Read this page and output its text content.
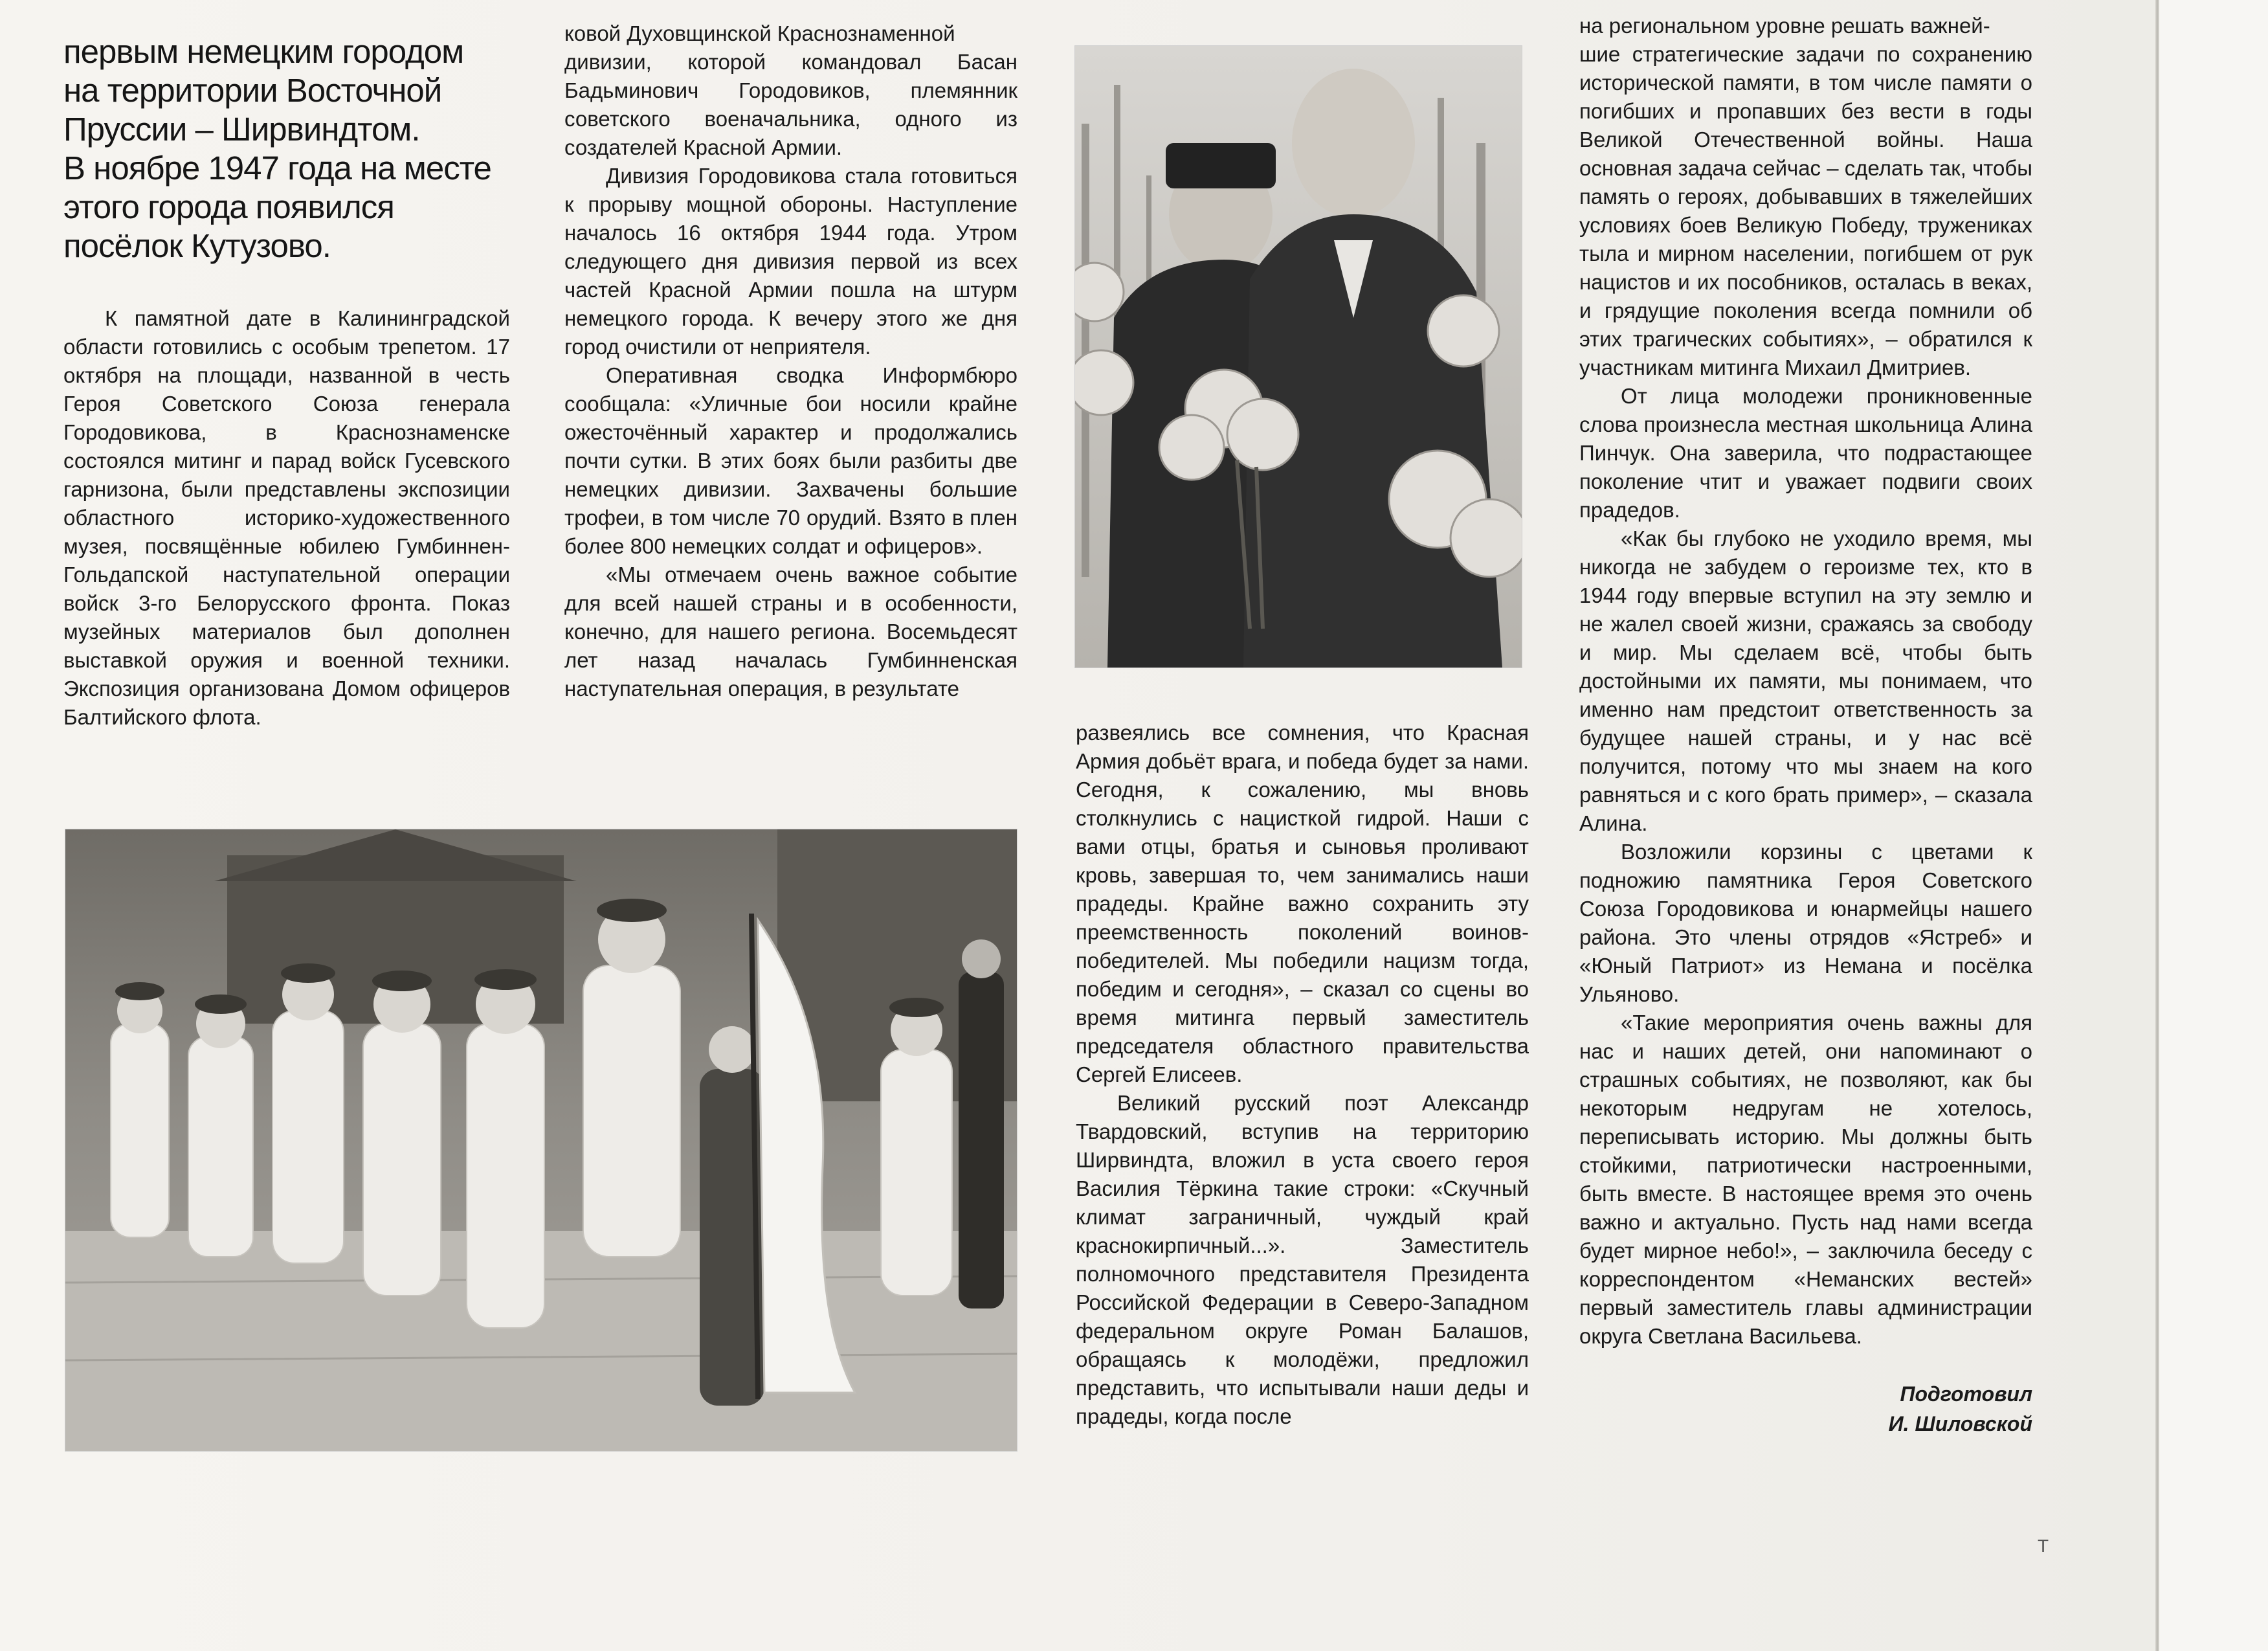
первым немецким городом
на территории Восточной
Пруссии – Ширвиндтом.
В ноябре 1947 года на месте
этого города появился
посёлок Кутузово.

К памятной дате в Калининградской области готовились с особым трепетом. 17 октября на площади, названной в честь Героя Советского Союза генерала Городовикова, в Краснознаменске состоялся митинг и парад войск Гусевского гарнизона, были представлены экспозиции областного историко-художественного музея, посвящённые юбилею Гумбиннен-Гольдапской наступательной операции войск 3-го Белорусского фронта. Показ музейных материалов был дополнен выставкой оружия и военной техники. Экспозиция организована Домом офицеров Балтийского флота.

ковой Духовщинской Краснознаменной

дивизии, которой командовал Басан Бадьминович Городовиков, племянник советского военачальника, одного из создателей Красной Армии.

Дивизия Городовикова стала готовиться к прорыву мощной обороны. Наступление началось 16 октября 1944 года. Утром следующего дня дивизия первой из всех частей Красной Армии пошла на штурм немецкого города. К вечеру этого же дня город очистили от неприятеля.

Оперативная сводка Информбюро сообщала: «Уличные бои носили крайне ожесточённый характер и продолжались почти сутки. В этих боях были разбиты две немецких дивизии. Захвачены большие трофеи, в том числе 70 орудий. Взято в плен более 800 немецких солдат и офицеров».

«Мы отмечаем очень важное событие для всей нашей страны и в особенности, конечно, для нашего региона. Восемьдесят лет назад началась Гумбинненская наступательная операция, в результате

развеялись все сомнения, что Красная Армия добьёт врага, и победа будет за нами. Сегодня, к сожалению, мы вновь столкнулись с нацисткой гидрой. Наши с вами отцы, братья и сыновья проливают кровь, завершая то, чем занимались наши прадеды. Крайне важно сохранить эту преемственность поколений воинов-победителей. Мы победили нацизм тогда, победим и сегодня», – сказал со сцены во время митинга первый заместитель председателя областного правительства Сергей Елисеев.

Великий русский поэт Александр Твардовский, вступив на территорию Ширвиндта, вложил в уста своего героя Василия Тёркина такие строки: «Скучный климат заграничный, чуждый край краснокирпичный...». Заместитель полномочного представителя Президента Российской Федерации в Северо-Западном федеральном округе Роман Балашов, обращаясь к молодёжи, предложил представить, что испытывали наши деды и прадеды, когда после

на региональном уровне решать важней-

шие стратегические задачи по сохранению исторической памяти, в том числе памяти о погибших и пропавших без вести в годы Великой Отечественной войны. Наша основная задача сейчас – сделать так, чтобы память о героях, добывавших в тяжелейших условиях боев Великую Победу, тружениках тыла и мирном населении, погибшем от рук нацистов и их пособников, осталась в веках, и грядущие поколения всегда помнили об этих трагических событиях», – обратился к участникам митинга Михаил Дмитриев.

От лица молодежи проникновенные слова произнесла местная школьница Алина Пинчук. Она заверила, что подрастающее поколение чтит и уважает подвиги своих прадедов.

«Как бы глубоко не уходило время, мы никогда не забудем о героизме тех, кто в 1944 году впервые вступил на эту землю и не жалел своей жизни, сражаясь за свободу и мир. Мы сделаем всё, чтобы быть достойными их памяти, мы понимаем, что именно нам предстоит ответственность за будущее нашей страны, и у нас всё получится, потому что мы знаем на кого равняться и с кого брать пример», – сказала Алина.

Возложили корзины с цветами к подножию памятника Героя Советского Союза Городовикова и юнармейцы нашего района. Это члены отрядов «Ястреб» и «Юный Патриот» из Немана и посёлка Ульяново.

«Такие мероприятия очень важны для нас и наших детей, они напоминают о страшных событиях, не позволяют, как бы некоторым недругам не хотелось, переписывать историю. Мы должны быть стойкими, патриотически настроенными, быть вместе. В настоящее время это очень важно и актуально. Пусть над нами всегда будет мирное небо!», – заключила беседу с корреспондентом «Неманских вестей» первый заместитель главы администрации округа Светлана Васильева.

Подготовил
И. Шиловской
T
